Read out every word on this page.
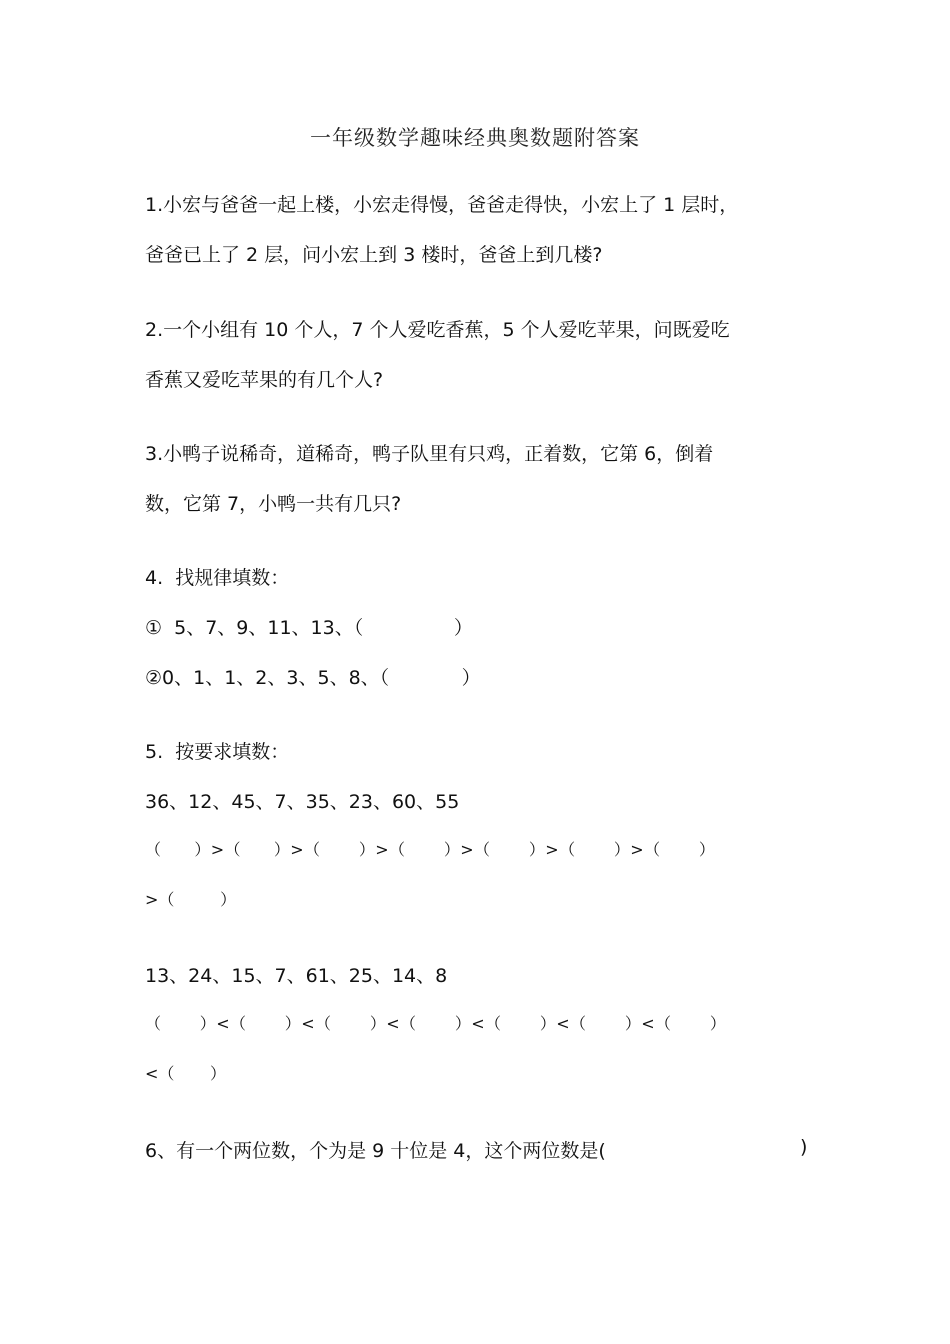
一年级数学趣味经典奥数题附答案
1.小宏与爸爸一起上楼，小宏走得慢，爸爸走得快，小宏上了 1 层时，
爸爸已上了 2 层，问小宏上到 3 楼时，爸爸上到几楼?
2.一个小组有 10 个人，7 个人爱吃香蕉，5 个人爱吃苹果，问既爱吃
香蕉又爱吃苹果的有几个人?
3.小鸭子说稀奇，道稀奇，鸭子队里有只鸡，正着数，它第 6，倒着
数，它第 7，小鸭一共有几只?
4.  找规律填数：
①  5、7、9、11、13、（               ）
②0、1、1、2、3、5、8、（            ）
5.  按要求填数：
36、12、45、7、35、23、60、55
（      ）>（      ）>（       ）>（       ）>（       ）>（       ）>（       ）
>（         ）
13、24、15、7、61、25、14、8
（       ）<（       ）<（       ）<（       ）<（       ）<（       ）<（       ）
<（       ）
6、有一个两位数，个为是 9 十位是 4，这个两位数是(	)
